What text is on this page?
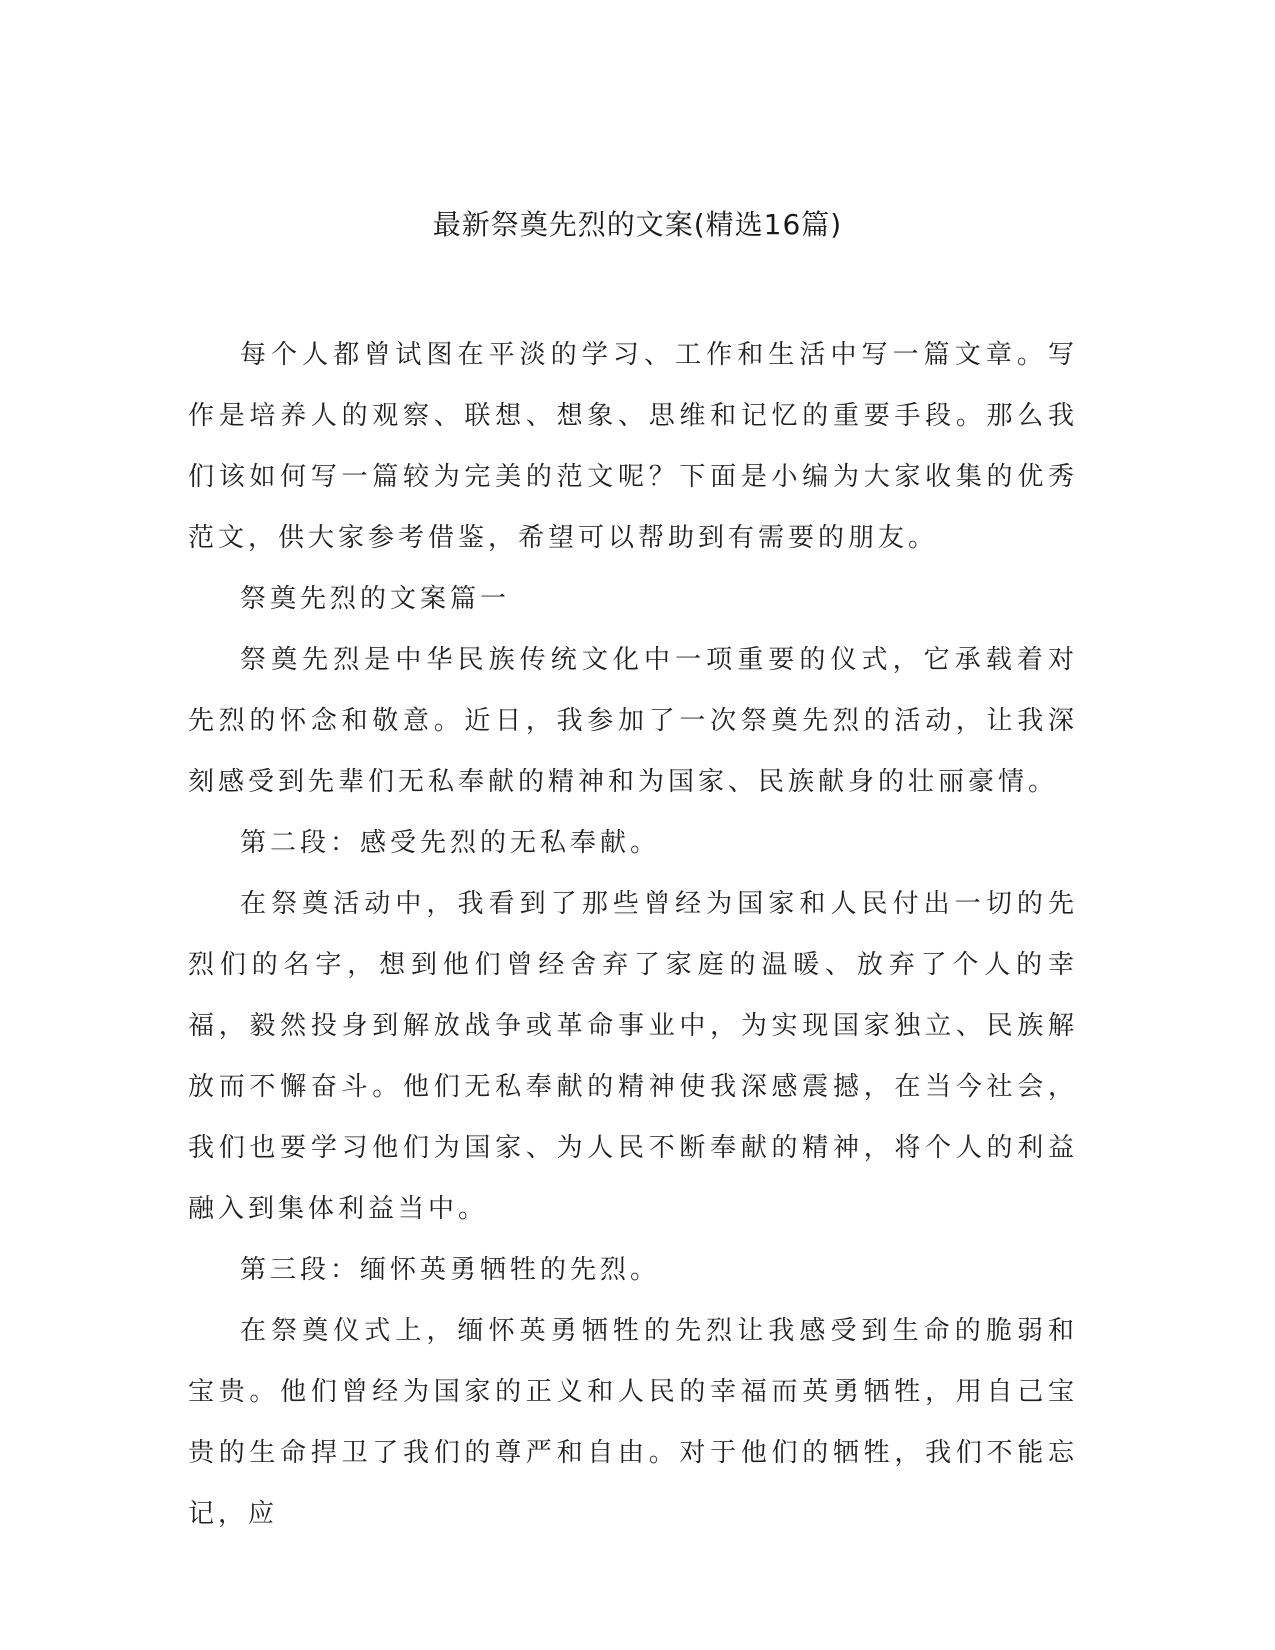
最新祭奠先烈的文案(精选16篇)

每个人都曾试图在平淡的学习、工作和生活中写一篇文章。写作是培养人的观察、联想、想象、思维和记忆的重要手段。那么我们该如何写一篇较为完美的范文呢？下面是小编为大家收集的优秀范文，供大家参考借鉴，希望可以帮助到有需要的朋友。

祭奠先烈的文案篇一

祭奠先烈是中华民族传统文化中一项重要的仪式，它承载着对先烈的怀念和敬意。近日，我参加了一次祭奠先烈的活动，让我深刻感受到先辈们无私奉献的精神和为国家、民族献身的壮丽豪情。

第二段：感受先烈的无私奉献。

在祭奠活动中，我看到了那些曾经为国家和人民付出一切的先烈们的名字，想到他们曾经舍弃了家庭的温暖、放弃了个人的幸福，毅然投身到解放战争或革命事业中，为实现国家独立、民族解放而不懈奋斗。他们无私奉献的精神使我深感震撼，在当今社会，我们也要学习他们为国家、为人民不断奉献的精神，将个人的利益融入到集体利益当中。

第三段：缅怀英勇牺牲的先烈。

在祭奠仪式上，缅怀英勇牺牲的先烈让我感受到生命的脆弱和宝贵。他们曾经为国家的正义和人民的幸福而英勇牺牲，用自己宝贵的生命捍卫了我们的尊严和自由。对于他们的牺牲，我们不能忘记，应
